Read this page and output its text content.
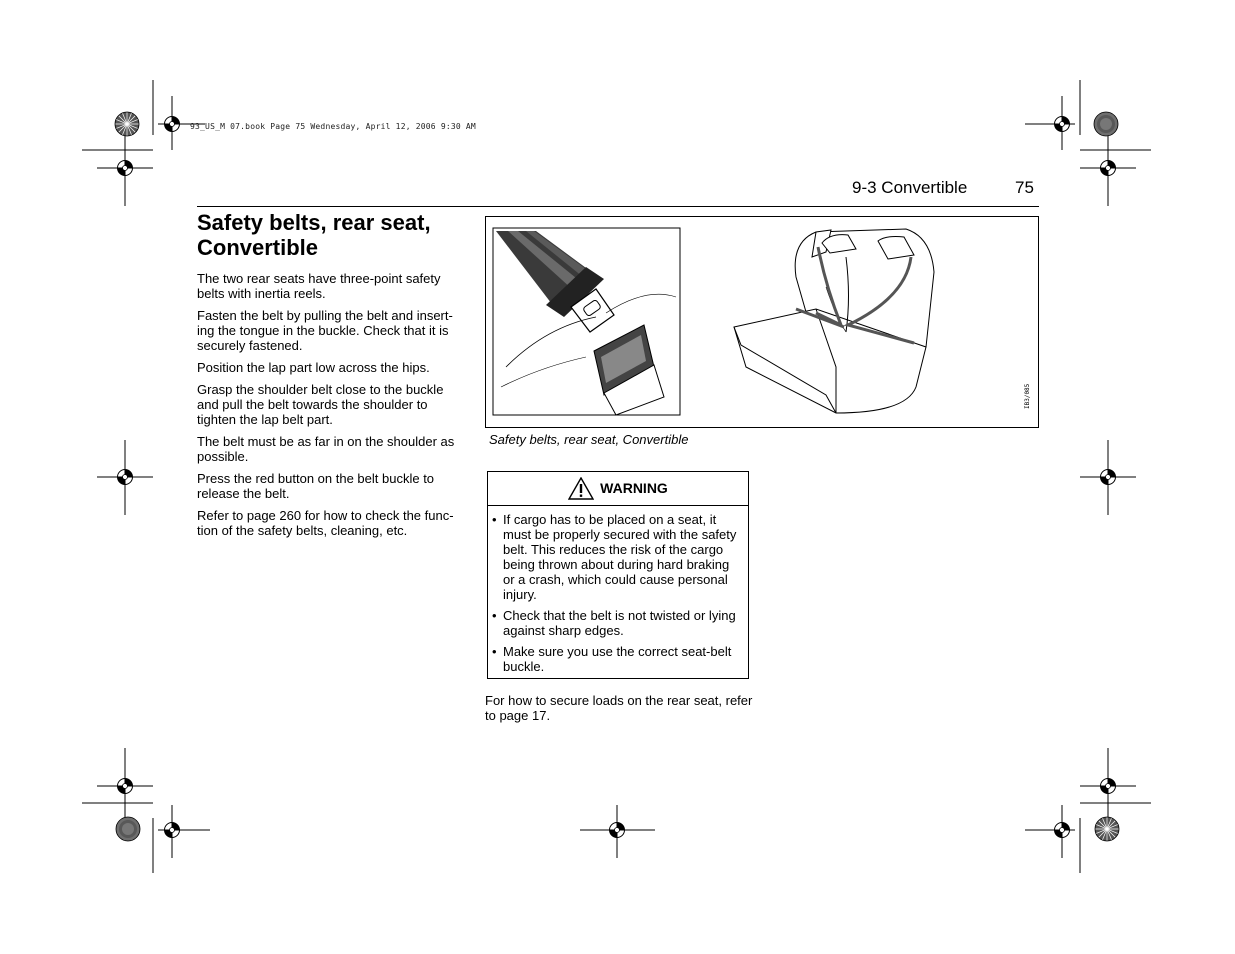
93_US_M 07.book Page 75 Wednesday, April 12, 2006 9:30 AM
9-3 Convertible	75
Safety belts, rear seat, Convertible

The two rear seats have three-point safety belts with inertia reels.

Fasten the belt by pulling the belt and insert-ing the tongue in the buckle. Check that it is securely fastened.

Position the lap part low across the hips.

Grasp the shoulder belt close to the buckle and pull the belt towards the shoulder to tighten the lap belt part.

The belt must be as far in on the shoulder as possible.

Press the red button on the belt buckle to release the belt.

Refer to page 260 for how to check the func-tion of the safety belts, cleaning, etc.

IB3/085
Safety belts, rear seat, Convertible
WARNING
• If cargo has to be placed on a seat, it must be properly secured with the safety belt. This reduces the risk of the cargo being thrown about during hard braking or a crash, which could cause personal injury.
• Check that the belt is not twisted or lying against sharp edges.
• Make sure you use the correct seat-belt buckle.
For how to secure loads on the rear seat, refer to page 17.
